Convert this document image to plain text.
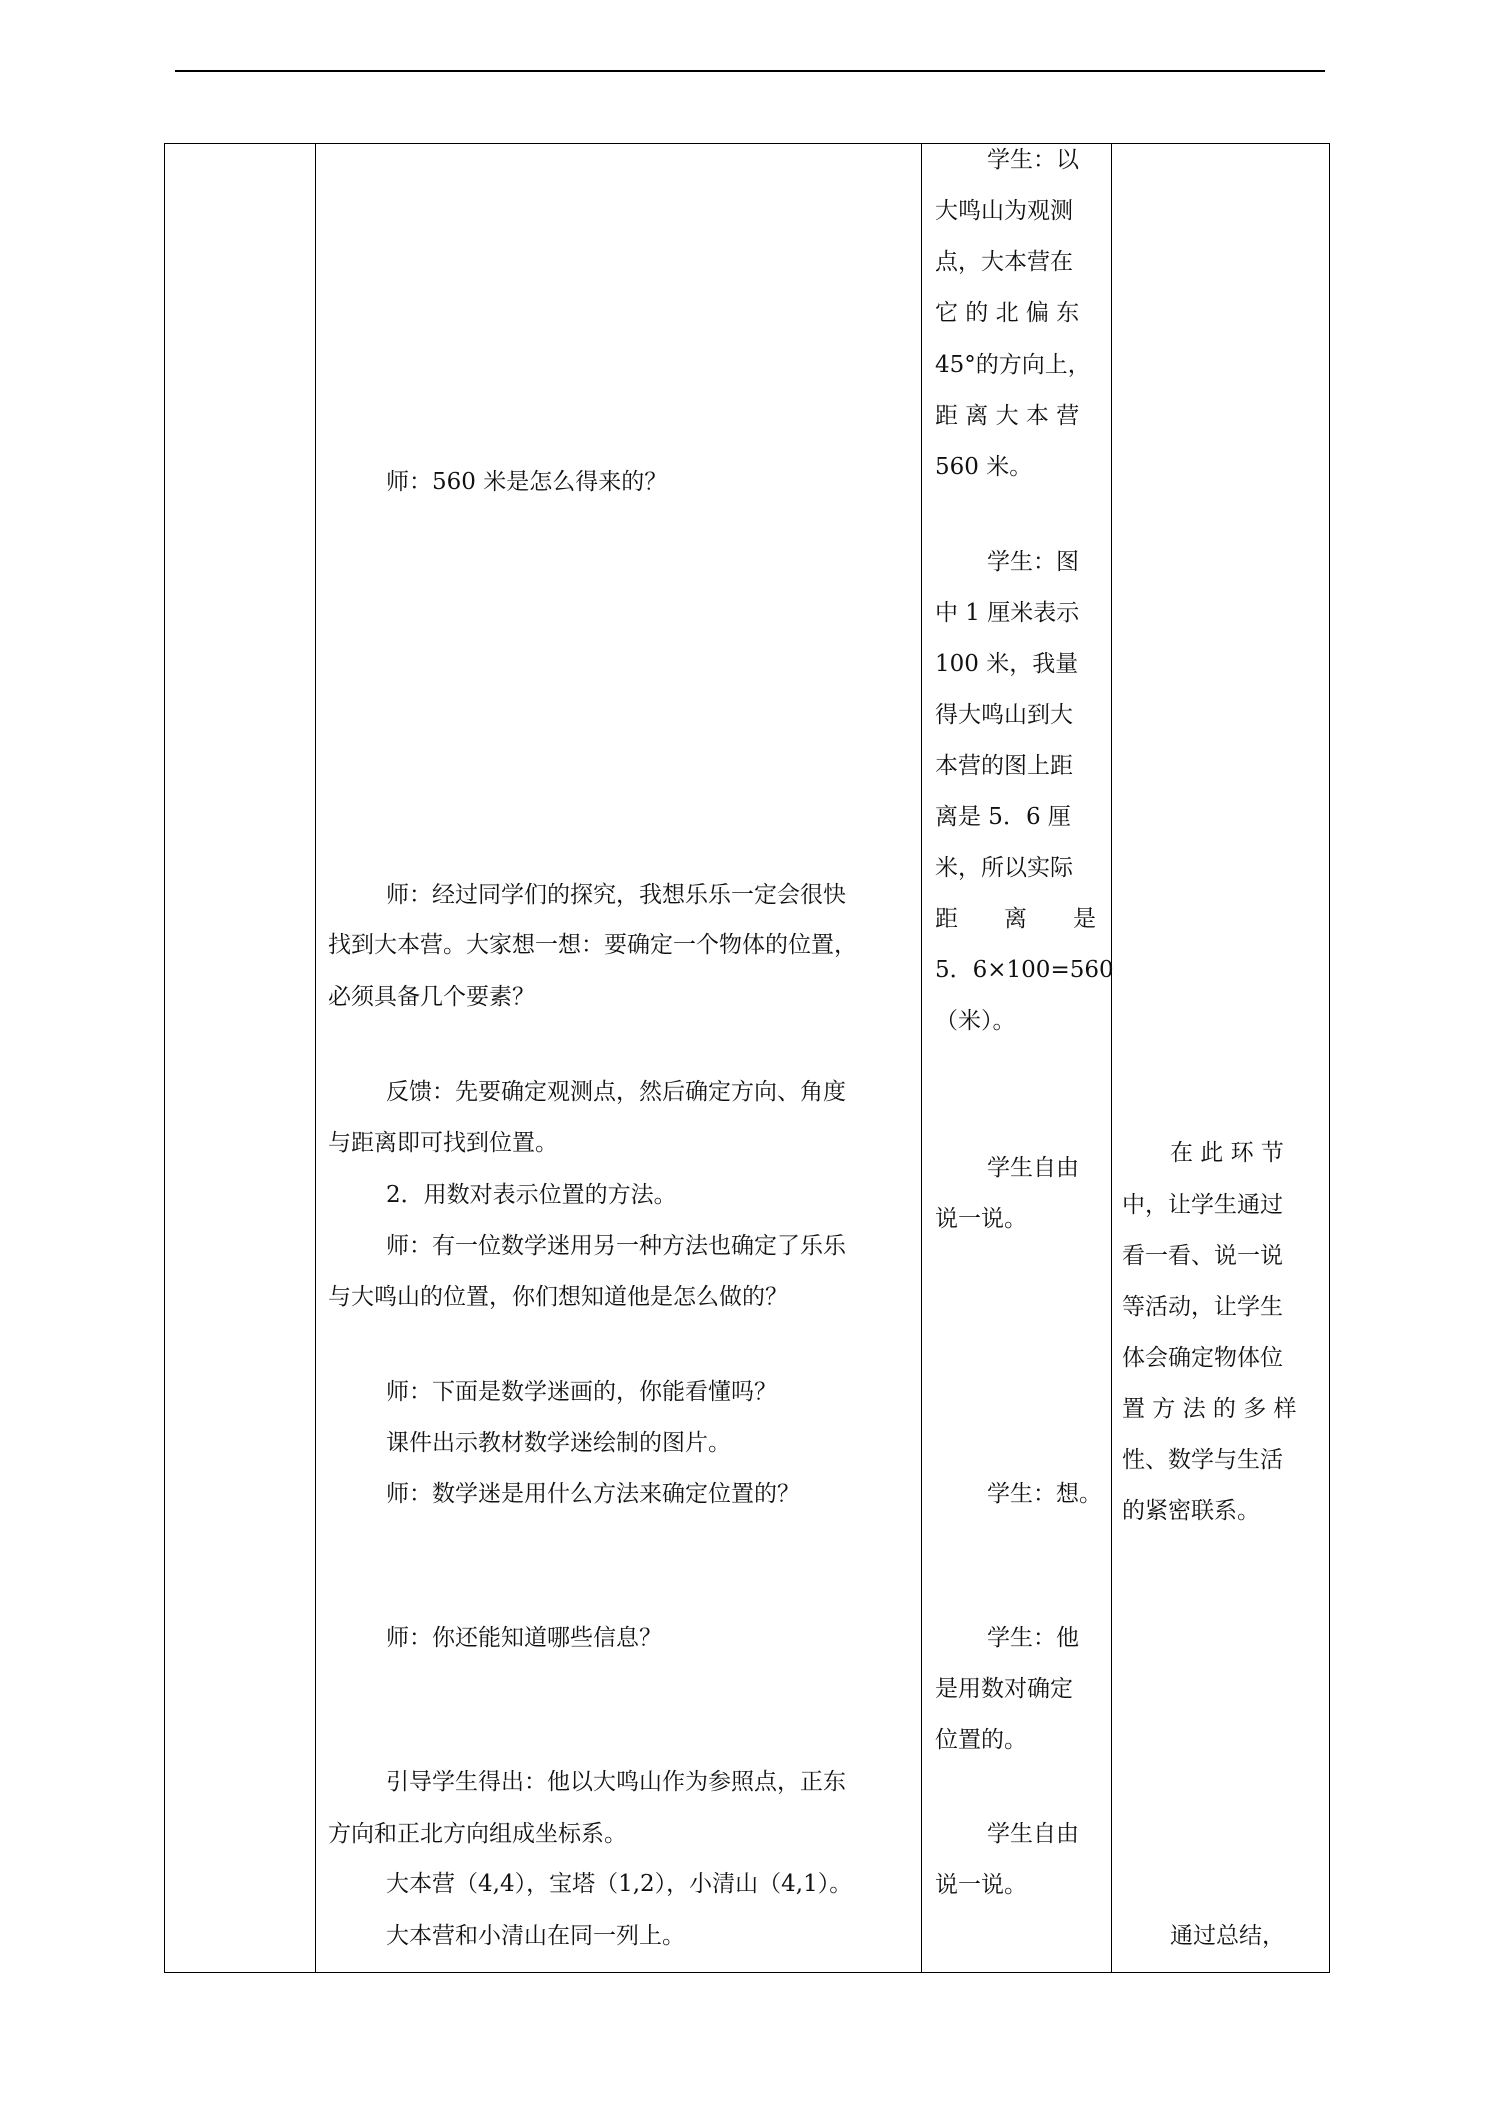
师：560 米是怎么得来的？
师：经过同学们的探究，我想乐乐一定会很快
找到大本营。大家想一想：要确定一个物体的位置，
必须具备几个要素？
反馈：先要确定观测点，然后确定方向、角度
与距离即可找到位置。
2．用数对表示位置的方法。
师：有一位数学迷用另一种方法也确定了乐乐
与大鸣山的位置，你们想知道他是怎么做的？
师：下面是数学迷画的，你能看懂吗？
课件出示教材数学迷绘制的图片。
师：数学迷是用什么方法来确定位置的？
师：你还能知道哪些信息？
引导学生得出：他以大鸣山作为参照点，正东
方向和正北方向组成坐标系。
大本营（4,4），宝塔（1,2），小清山（4,1）。
大本营和小清山在同一列上。
学生：以
大鸣山为观测
点，大本营在
它 的 北 偏 东
45°的方向上，
距 离 大 本 营
560 米。
学生：图
中 1 厘米表示
100 米，我量
得大鸣山到大
本营的图上距
离是 5．6 厘
米，所以实际
距　　离　　是
5．6×100=560
（米）。
学生自由
说一说。
学生：想。
学生：他
是用数对确定
位置的。
学生自由
说一说。
在 此 环 节
中，让学生通过
看一看、说一说
等活动，让学生
体会确定物体位
置 方 法 的 多 样
性、数学与生活
的紧密联系。
通过总结，
